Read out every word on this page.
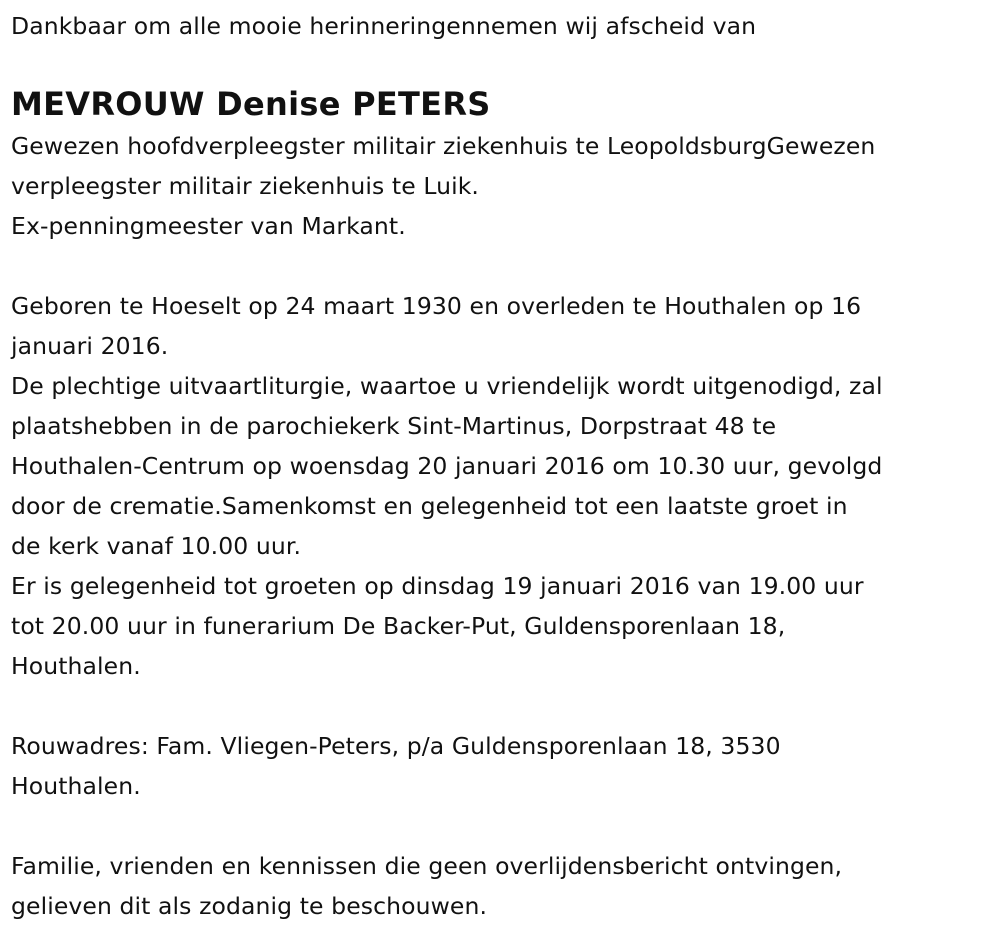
Dankbaar om alle mooie herinneringennemen wij afscheid van

MEVROUW Denise PETERS

Gewezen hoofdverpleegster militair ziekenhuis te LeopoldsburgGewezen
verpleegster militair ziekenhuis te Luik.
Ex-penningmeester van Markant.

Geboren te Hoeselt op 24 maart 1930 en overleden te Houthalen op 16
januari 2016.

De plechtige uitvaartliturgie, waartoe u vriendelijk wordt uitgenodigd, zal
plaatshebben in de parochiekerk Sint-Martinus, Dorpstraat 48 te
Houthalen-Centrum op woensdag 20 januari 2016 om 10.30 uur, gevolgd
door de crematie.Samenkomst en gelegenheid tot een laatste groet in
de kerk vanaf 10.00 uur.

Er is gelegenheid tot groeten op dinsdag 19 januari 2016 van 19.00 uur
tot 20.00 uur in funerarium De Backer-Put, Guldensporenlaan 18,
Houthalen.

Rouwadres: Fam. Vliegen-Peters, p/a Guldensporenlaan 18, 3530
Houthalen.

Familie, vrienden en kennissen die geen overlijdensbericht ontvingen,
gelieven dit als zodanig te beschouwen.
